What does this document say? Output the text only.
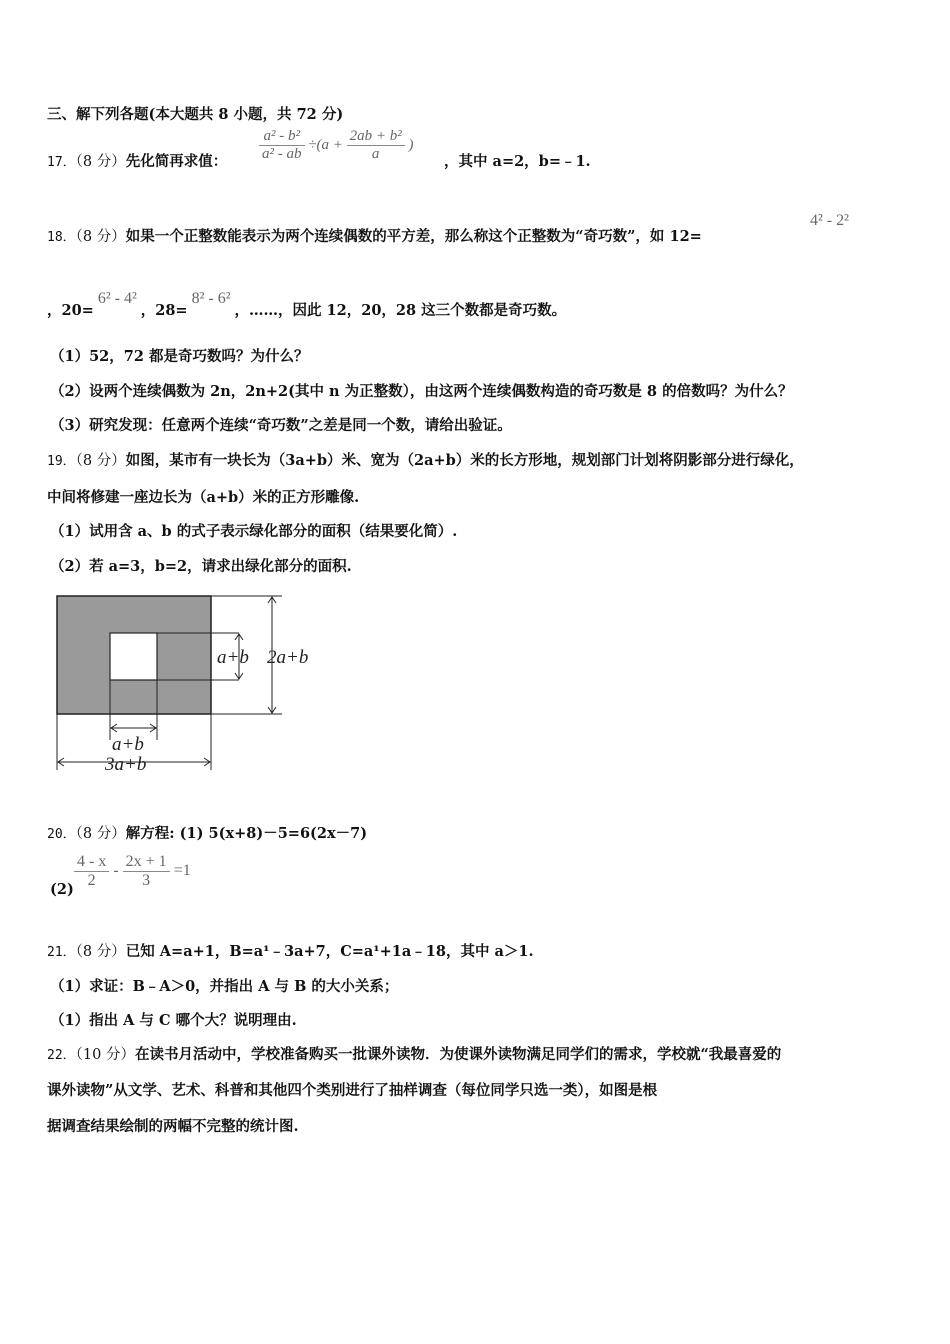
三、解下列各题(本大题共 8 小题，共 72 分)
17．（8 分）先化简再求值： $\frac{\text{a² - b²}}{\text{a² - ab}} \div(a + \frac{\text{2ab + b²}}{a}$ )
，其中 a=2，b=﹣1.
18．（8 分）如果一个正整数能表示为两个连续偶数的平方差，那么称这个正整数为“奇巧数”，如 12=
4² - 2²
，20=6² - 4²，28=8² - 6²，……，因此 12，20，28 这三个数都是奇巧数。
（1）52，72 都是奇巧数吗？为什么？
（2）设两个连续偶数为 2n，2n+2(其中 n 为正整数），由这两个连续偶数构造的奇巧数是 8 的倍数吗？为什么？
（3）研究发现：任意两个连续“奇巧数”之差是同一个数，请给出验证。
19．（8 分）如图，某市有一块长为（3a+b）米、宽为（2a+b）米的长方形地，规划部门计划将阴影部分进行绿化，
中间将修建一座边长为（a+b）米的正方形雕像.
（1）试用含 a、b 的式子表示绿化部分的面积（结果要化简）.
（2）若 a=3，b=2，请求出绿化部分的面积.
a+b 2a+b
a+b
3a+b
20．（8 分）解方程: (1) 5(x+8)－5=6(2x－7)
$(2) \frac{4 - x}{2} - \frac{2x + 1}{3} =1$
21．（8 分）已知 A=a+1，B=a¹﹣3a+7，C=a¹+1a﹣18，其中 a＞1.
（1）求证：B﹣A＞0，并指出 A 与 B 的大小关系；
（1）指出 A 与 C 哪个大？说明理由.
22．（10 分）在读书月活动中，学校准备购买一批课外读物．为使课外读物满足同学们的需求，学校就“我最喜爱的
课外读物”从文学、艺术、科普和其他四个类别进行了抽样调查（每位同学只选一类），如图是根
据调查结果绘制的两幅不完整的统计图.
